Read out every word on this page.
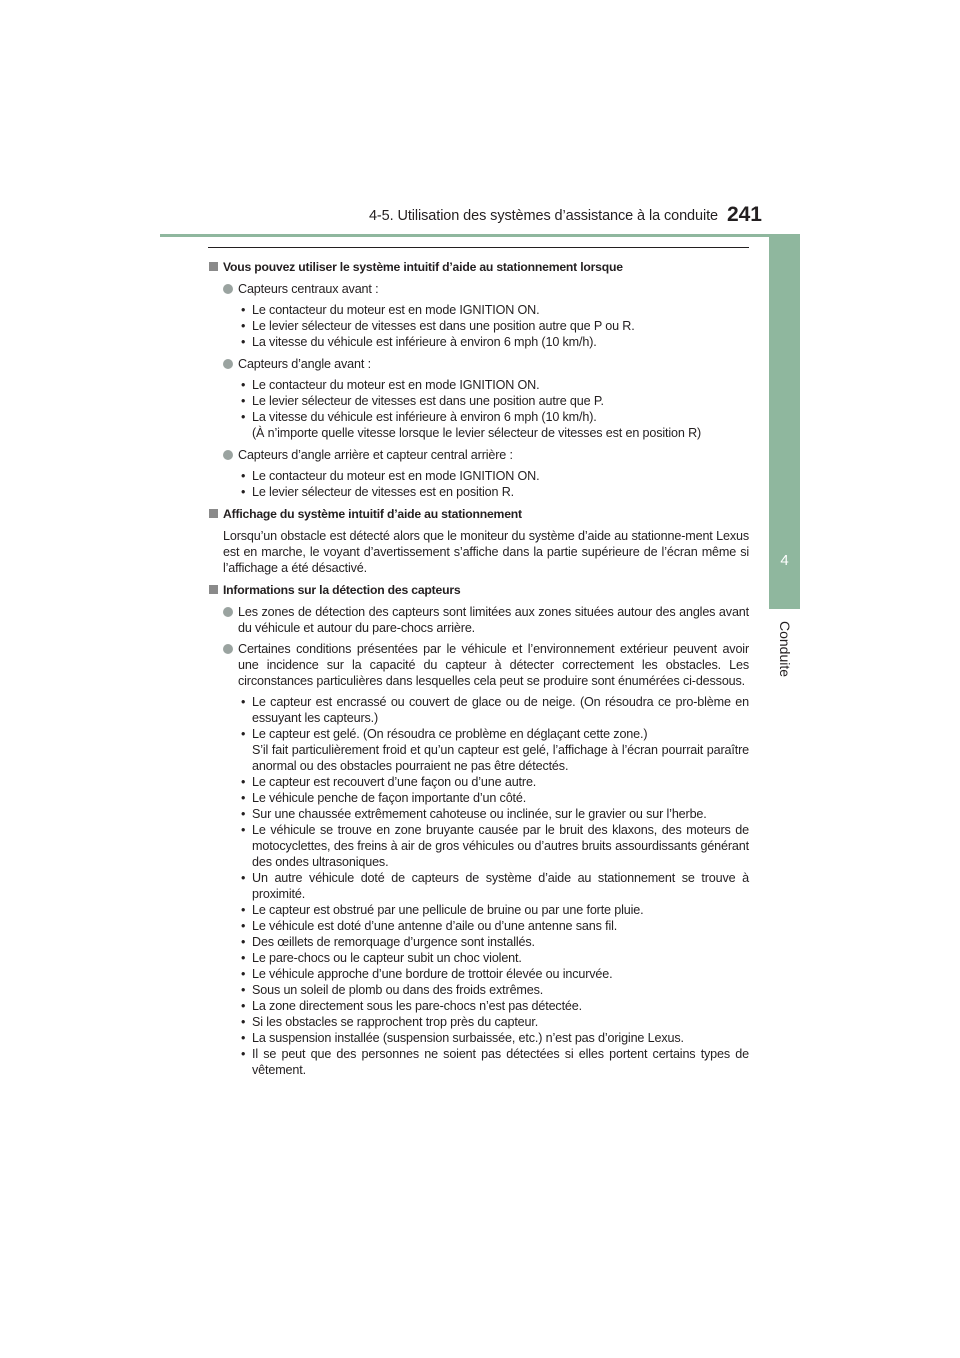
4-5. Utilisation des systèmes d’assistance à la conduite 241
4
Conduite
Vous pouvez utiliser le système intuitif d’aide au stationnement lorsque
Capteurs centraux avant :
• Le contacteur du moteur est en mode IGNITION ON.
• Le levier sélecteur de vitesses est dans une position autre que P ou R.
• La vitesse du véhicule est inférieure à environ 6 mph (10 km/h).
Capteurs d’angle avant :
• Le contacteur du moteur est en mode IGNITION ON.
• Le levier sélecteur de vitesses est dans une position autre que P.
• La vitesse du véhicule est inférieure à environ 6 mph (10 km/h).
(À n’importe quelle vitesse lorsque le levier sélecteur de vitesses est en position R)
Capteurs d’angle arrière et capteur central arrière :
• Le contacteur du moteur est en mode IGNITION ON.
• Le levier sélecteur de vitesses est en position R.
Affichage du système intuitif d’aide au stationnement
Lorsqu’un obstacle est détecté alors que le moniteur du système d’aide au stationne-ment Lexus est en marche, le voyant d’avertissement s’affiche dans la partie supérieure de l’écran même si l’affichage a été désactivé.
Informations sur la détection des capteurs
Les zones de détection des capteurs sont limitées aux zones situées autour des angles avant du véhicule et autour du pare-chocs arrière.
Certaines conditions présentées par le véhicule et l’environnement extérieur peuvent avoir une incidence sur la capacité du capteur à détecter correctement les obstacles. Les circonstances particulières dans lesquelles cela peut se produire sont énumérées ci-dessous.
• Le capteur est encrassé ou couvert de glace ou de neige. (On résoudra ce pro-blème en essuyant les capteurs.)
• Le capteur est gelé. (On résoudra ce problème en déglaçant cette zone.)
S’il fait particulièrement froid et qu’un capteur est gelé, l’affichage à l’écran pourrait paraître anormal ou des obstacles pourraient ne pas être détectés.
• Le capteur est recouvert d’une façon ou d’une autre.
• Le véhicule penche de façon importante d’un côté.
• Sur une chaussée extrêmement cahoteuse ou inclinée, sur le gravier ou sur l’herbe.
• Le véhicule se trouve en zone bruyante causée par le bruit des klaxons, des moteurs de motocyclettes, des freins à air de gros véhicules ou d’autres bruits assourdissants générant des ondes ultrasoniques.
• Un autre véhicule doté de capteurs de système d’aide au stationnement se trouve à proximité.
• Le capteur est obstrué par une pellicule de bruine ou par une forte pluie.
• Le véhicule est doté d’une antenne d’aile ou d’une antenne sans fil.
• Des œillets de remorquage d’urgence sont installés.
• Le pare-chocs ou le capteur subit un choc violent.
• Le véhicule approche d’une bordure de trottoir élevée ou incurvée.
• Sous un soleil de plomb ou dans des froids extrêmes.
• La zone directement sous les pare-chocs n’est pas détectée.
• Si les obstacles se rapprochent trop près du capteur.
• La suspension installée (suspension surbaissée, etc.) n’est pas d’origine Lexus.
• Il se peut que des personnes ne soient pas détectées si elles portent certains types de vêtement.
